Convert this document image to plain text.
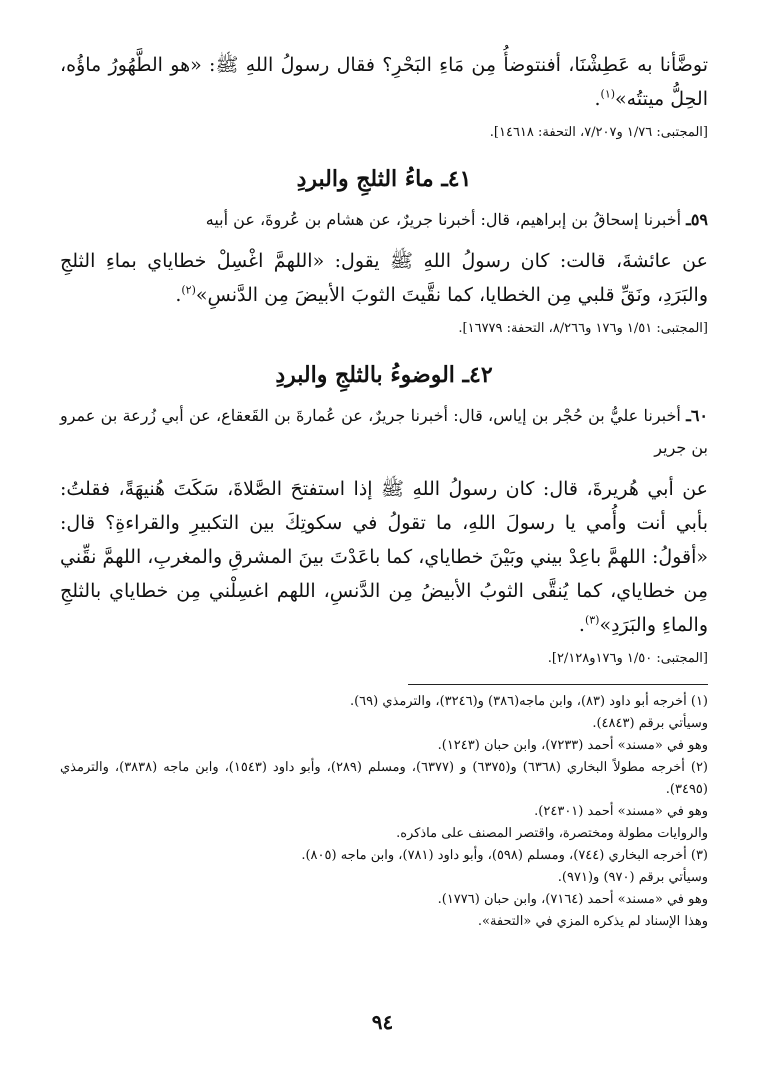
توضَّأنا به عَطِشْنَا، أفنتوضأُ مِن مَاءِ البَحْرِ؟ فقال رسولُ اللهِ ﷺ: «هو الطَّهُورُ ماؤُه، الحِلُّ ميتتُه»$^{(١)}$.

[المجتبى: ١/٧٦ و٧/٢٠٧، التحفة: ١٤٦١٨].

٤١ـ ماءُ الثلجِ والبردِ

٥٩ـ أخبرنا إسحاقُ بن إبراهيم، قال: أخبرنا جريرٌ، عن هشام بن عُروةَ، عن أبيه

عن عائشةَ، قالت: كان رسولُ اللهِ ﷺ يقول: «اللهمَّ اغْسِلْ خطاياي بماءِ الثلجِ والبَرَدِ، ونَقِّ قلبي مِن الخطايا، كما نقَّيتَ الثوبَ الأبيضَ مِن الدَّنسِ»$^{(٢)}$.

[المجتبى: ١/٥١ و١٧٦ و٨/٢٦٦، التحفة: ١٦٧٧٩].

٤٢ـ الوضوءُ بالثلجِ والبردِ

٦٠ـ أخبرنا عليُّ بن حُجْر بن إياس، قال: أخبرنا جريرٌ، عن عُمارةَ بن القَعقاع، عن أبي زُرعة بن عمرو بن جرير

عن أبي هُريرةَ، قال: كان رسولُ اللهِ ﷺ إذا استفتحَ الصَّلاةَ، سَكَتَ هُنيهَةً، فقلتُ: بأبي أنت وأُمي يا رسولَ اللهِ، ما تقولُ في سكوتِكَ بين التكبيرِ والقراءةِ؟ قال: «أقولُ: اللهمَّ باعِدْ بيني وبَيْنَ خطاياي، كما باعَدْتَ بينَ المشرقِ والمغربِ، اللهمَّ نقِّني مِن خطاياي، كما يُنقَّى الثوبُ الأبيضُ مِن الدَّنسِ، اللهم اغسِلْني مِن خطاياي بالثلجِ والماءِ والبَرَدِ»$^{(٣)}$.

[المجتبى: ١/٥٠ و١٧٦و٢/١٢٨].

(١) أخرجه أبو داود (٨٣)، وابن ماجه(٣٨٦) و(٣٢٤٦)، والترمذي (٦٩).

وسيأتي برقم (٤٨٤٣).

وهو في «مسند» أحمد (٧٢٣٣)، وابن حبان (١٢٤٣).

(٢) أخرجه مطولاً البخاري (٦٣٦٨) و(٦٣٧٥) و (٦٣٧٧)، ومسلم (٢٨٩)، وأبو داود (١٥٤٣)، وابن ماجه (٣٨٣٨)، والترمذي (٣٤٩٥).

وهو في «مسند» أحمد (٢٤٣٠١).

والروايات مطولة ومختصرة، واقتصر المصنف على ماذكره.

(٣) أخرجه البخاري (٧٤٤)، ومسلم (٥٩٨)، وأبو داود (٧٨١)، وابن ماجه (٨٠٥).

وسيأتي برقم (٩٧٠) و(٩٧١).

وهو في «مسند» أحمد (٧١٦٤)، وابن حبان (١٧٧٦).

وهذا الإسناد لم يذكره المزي في «التحفة».

٩٤
